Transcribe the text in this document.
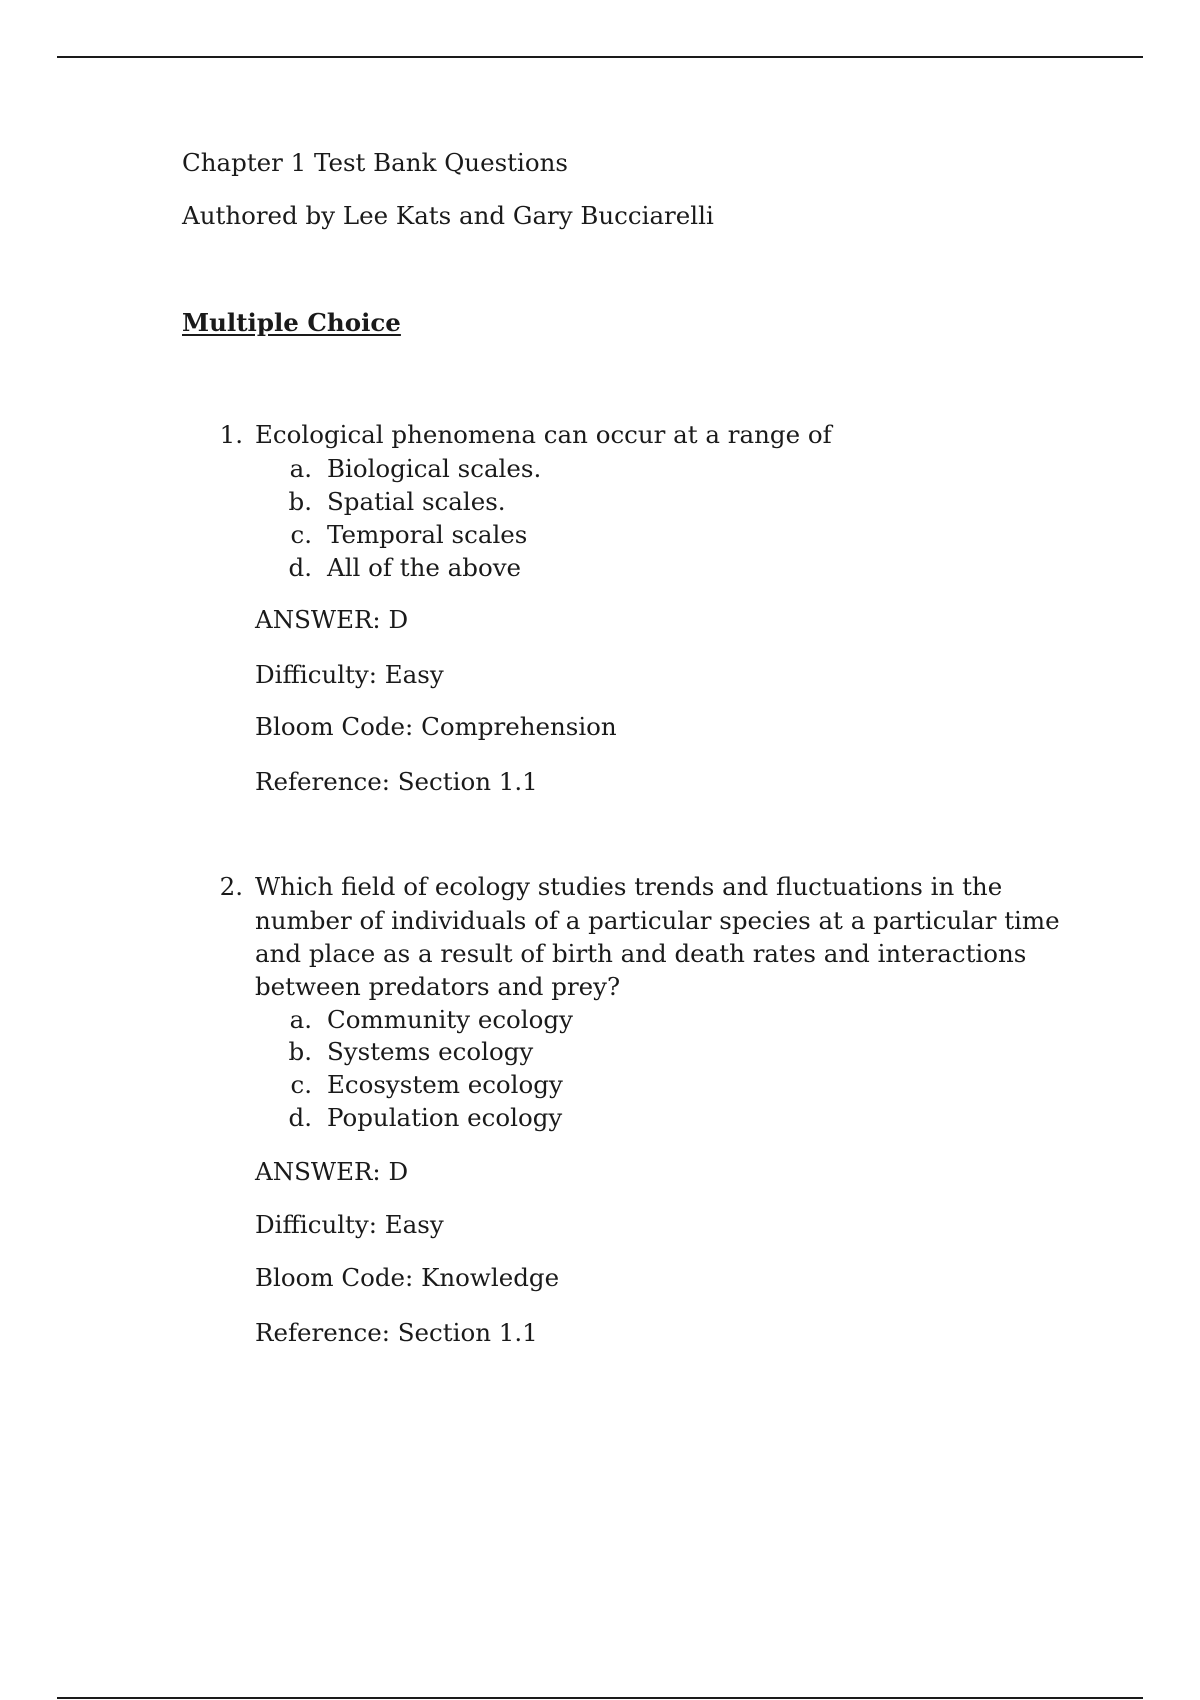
Chapter 1 Test Bank Questions
Authored by Lee Kats and Gary Bucciarelli
Multiple Choice
1. Ecological phenomena can occur at a range of
a. Biological scales.
b. Spatial scales.
c. Temporal scales
d. All of the above
ANSWER: D
Difficulty: Easy
Bloom Code: Comprehension
Reference: Section 1.1
2. Which field of ecology studies trends and fluctuations in the
number of individuals of a particular species at a particular time
and place as a result of birth and death rates and interactions
between predators and prey?
a. Community ecology
b. Systems ecology
c. Ecosystem ecology
d. Population ecology
ANSWER: D
Difficulty: Easy
Bloom Code: Knowledge
Reference: Section 1.1
